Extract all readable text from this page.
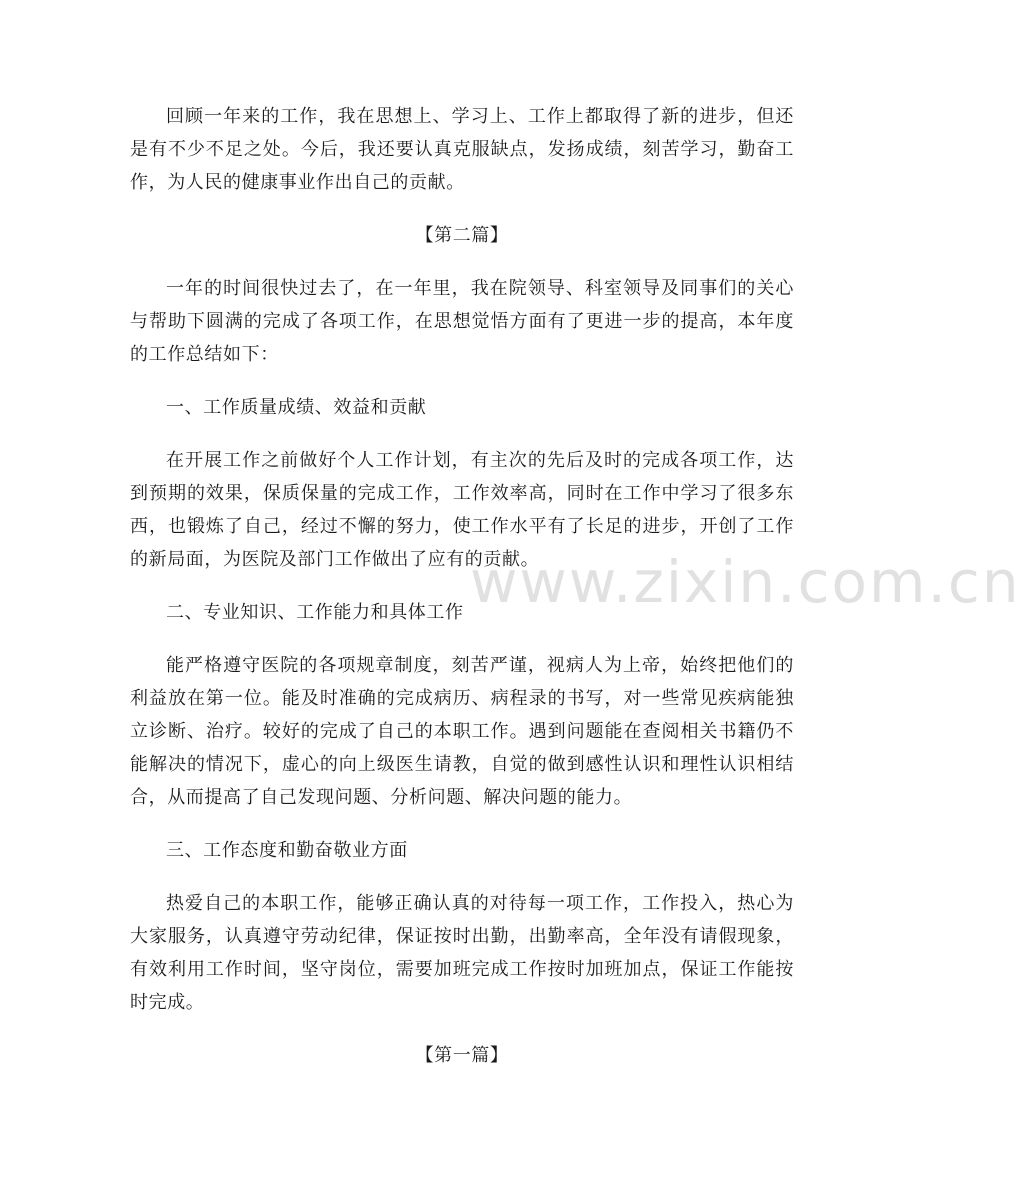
回顾一年来的工作，我在思想上、学习上、工作上都取得了新的进步，但还是有不少不足之处。今后，我还要认真克服缺点，发扬成绩，刻苦学习，勤奋工作，为人民的健康事业作出自己的贡献。

【第二篇】

一年的时间很快过去了，在一年里，我在院领导、科室领导及同事们的关心与帮助下圆满的完成了各项工作，在思想觉悟方面有了更进一步的提高，本年度的工作总结如下：

一、工作质量成绩、效益和贡献

在开展工作之前做好个人工作计划，有主次的先后及时的完成各项工作，达到预期的效果，保质保量的完成工作，工作效率高，同时在工作中学习了很多东西，也锻炼了自己，经过不懈的努力，使工作水平有了长足的进步，开创了工作的新局面，为医院及部门工作做出了应有的贡献。

二、专业知识、工作能力和具体工作

能严格遵守医院的各项规章制度，刻苦严谨，视病人为上帝，始终把他们的利益放在第一位。能及时准确的完成病历、病程录的书写，对一些常见疾病能独立诊断、治疗。较好的完成了自己的本职工作。遇到问题能在查阅相关书籍仍不能解决的情况下，虚心的向上级医生请教，自觉的做到感性认识和理性认识相结合，从而提高了自己发现问题、分析问题、解决问题的能力。

三、工作态度和勤奋敬业方面

热爱自己的本职工作，能够正确认真的对待每一项工作，工作投入，热心为大家服务，认真遵守劳动纪律，保证按时出勤，出勤率高，全年没有请假现象，有效利用工作时间，坚守岗位，需要加班完成工作按时加班加点，保证工作能按时完成。

【第一篇】

www.zixin.com.cn
